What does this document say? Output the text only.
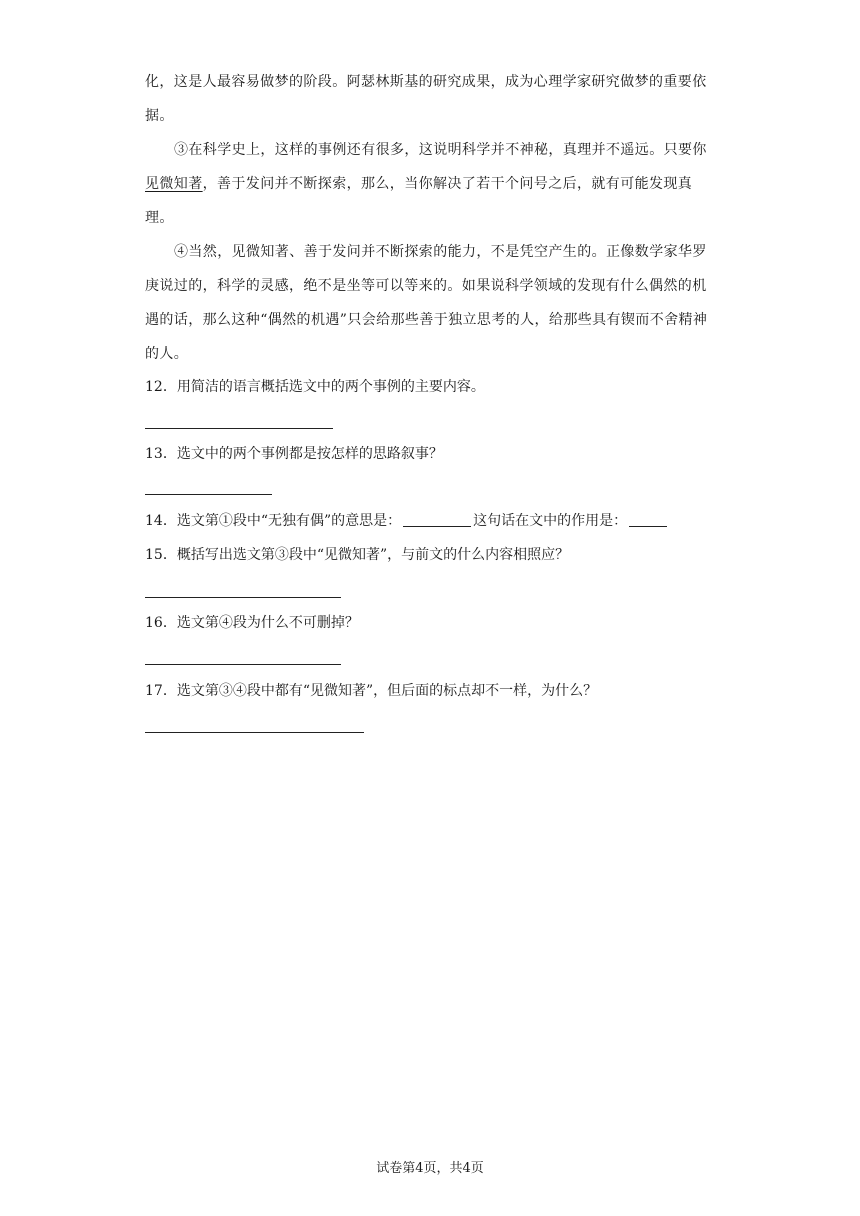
化，这是人最容易做梦的阶段。阿瑟林斯基的研究成果，成为心理学家研究做梦的重要依据。

③在科学史上，这样的事例还有很多，这说明科学并不神秘，真理并不遥远。只要你见微知著，善于发问并不断探索，那么，当你解决了若干个问号之后，就有可能发现真理。

④当然，见微知著、善于发问并不断探索的能力，不是凭空产生的。正像数学家华罗庚说过的，科学的灵感，绝不是坐等可以等来的。如果说科学领域的发现有什么偶然的机遇的话，那么这种“偶然的机遇”只会给那些善于独立思考的人，给那些具有锲而不舍精神的人。

12．用简洁的语言概括选文中的两个事例的主要内容。

13．选文中的两个事例都是按怎样的思路叙事？

14．选文第①段中“无独有偶”的意思是：	这句话在文中的作用是：

15．概括写出选文第③段中“见微知著”，与前文的什么内容相照应？

16．选文第④段为什么不可删掉？

17．选文第③④段中都有“见微知著”，但后面的标点却不一样，为什么？

试卷第4页，共4页
